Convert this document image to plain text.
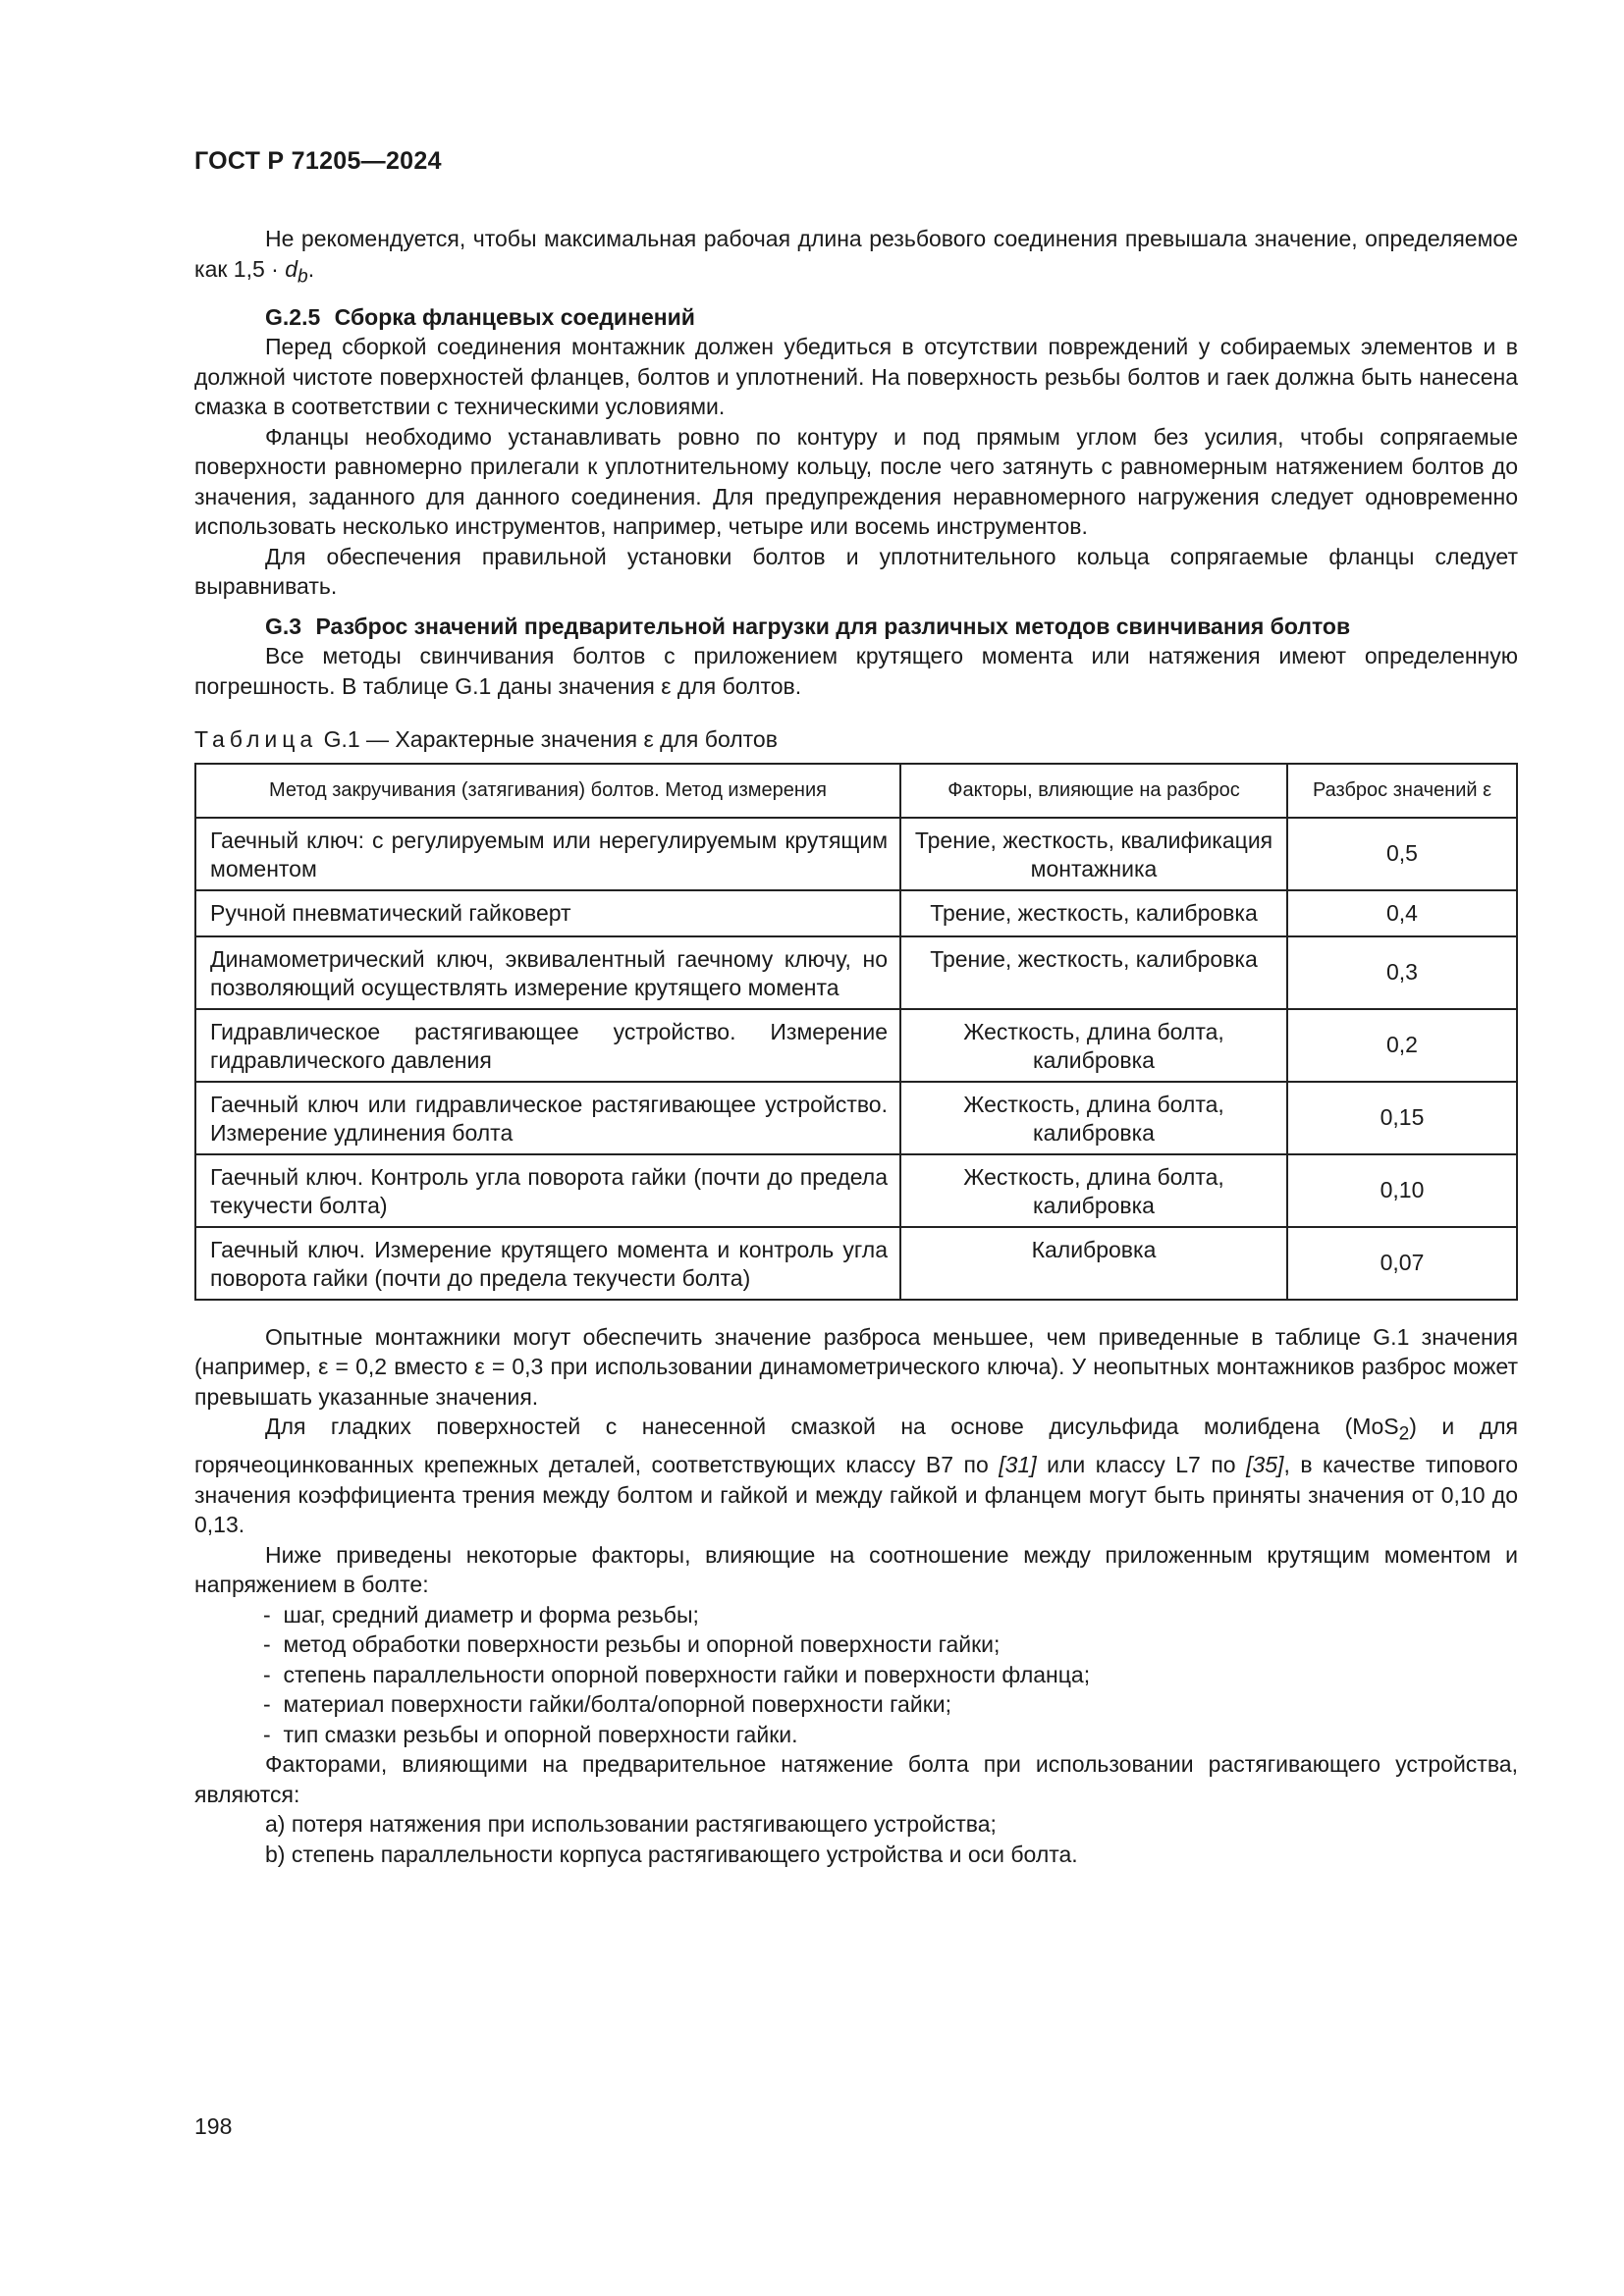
ГОСТ Р 71205—2024

Не рекомендуется, чтобы максимальная рабочая длина резьбового соединения превышала значение, определяемое как $1,5 \cdot d_b$.

G.2.5 Сборка фланцевых соединений

Перед сборкой соединения монтажник должен убедиться в отсутствии повреждений у собираемых элементов и в должной чистоте поверхностей фланцев, болтов и уплотнений. На поверхность резьбы болтов и гаек должна быть нанесена смазка в соответствии с техническими условиями.

Фланцы необходимо устанавливать ровно по контуру и под прямым углом без усилия, чтобы сопрягаемые поверхности равномерно прилегали к уплотнительному кольцу, после чего затянуть с равномерным натяжением болтов до значения, заданного для данного соединения. Для предупреждения неравномерного нагружения следует одновременно использовать несколько инструментов, например, четыре или восемь инструментов.

Для обеспечения правильной установки болтов и уплотнительного кольца сопрягаемые фланцы следует выравнивать.

G.3 Разброс значений предварительной нагрузки для различных методов свинчивания болтов

Все методы свинчивания болтов с приложением крутящего момента или натяжения имеют определенную погрешность. В таблице G.1 даны значения ε для болтов.

Таблица G.1 — Характерные значения ε для болтов
Метод закручивания (затягивания) болтов. Метод измерения	Факторы, влияющие на разброс	Разброс значений ε
Гаечный ключ: с регулируемым или нерегулируемым крутящим моментом	Трение, жесткость, квалификация монтажника	0,5
Ручной пневматический гайковерт	Трение, жесткость, калибровка	0,4
Динамометрический ключ, эквивалентный гаечному ключу, но позволяющий осуществлять измерение крутящего момента	Трение, жесткость, калибровка	0,3
Гидравлическое растягивающее устройство. Измерение гидравлического давления	Жесткость, длина болта, калибровка	0,2
Гаечный ключ или гидравлическое растягивающее устройство. Измерение удлинения болта	Жесткость, длина болта, калибровка	0,15
Гаечный ключ. Контроль угла поворота гайки (почти до предела текучести болта)	Жесткость, длина болта, калибровка	0,10
Гаечный ключ. Измерение крутящего момента и контроль угла поворота гайки (почти до предела текучести болта)	Калибровка	0,07

Опытные монтажники могут обеспечить значение разброса меньшее, чем приведенные в таблице G.1 значения (например, ε = 0,2 вместо ε = 0,3 при использовании динамометрического ключа). У неопытных монтажников разброс может превышать указанные значения.

Для гладких поверхностей с нанесенной смазкой на основе дисульфида молибдена (MoS$_2$) и для горячеоцинкованных крепежных деталей, соответствующих классу B7 по [31] или классу L7 по [35], в качестве типового значения коэффициента трения между болтом и гайкой и между гайкой и фланцем могут быть приняты значения от 0,10 до 0,13.

Ниже приведены некоторые факторы, влияющие на соотношение между приложенным крутящим моментом и напряжением в болте:

- шаг, средний диаметр и форма резьбы;
- метод обработки поверхности резьбы и опорной поверхности гайки;
- степень параллельности опорной поверхности гайки и поверхности фланца;
- материал поверхности гайки/болта/опорной поверхности гайки;
- тип смазки резьбы и опорной поверхности гайки.

Факторами, влияющими на предварительное натяжение болта при использовании растягивающего устройства, являются:

a) потеря натяжения при использовании растягивающего устройства;

b) степень параллельности корпуса растягивающего устройства и оси болта.

198
